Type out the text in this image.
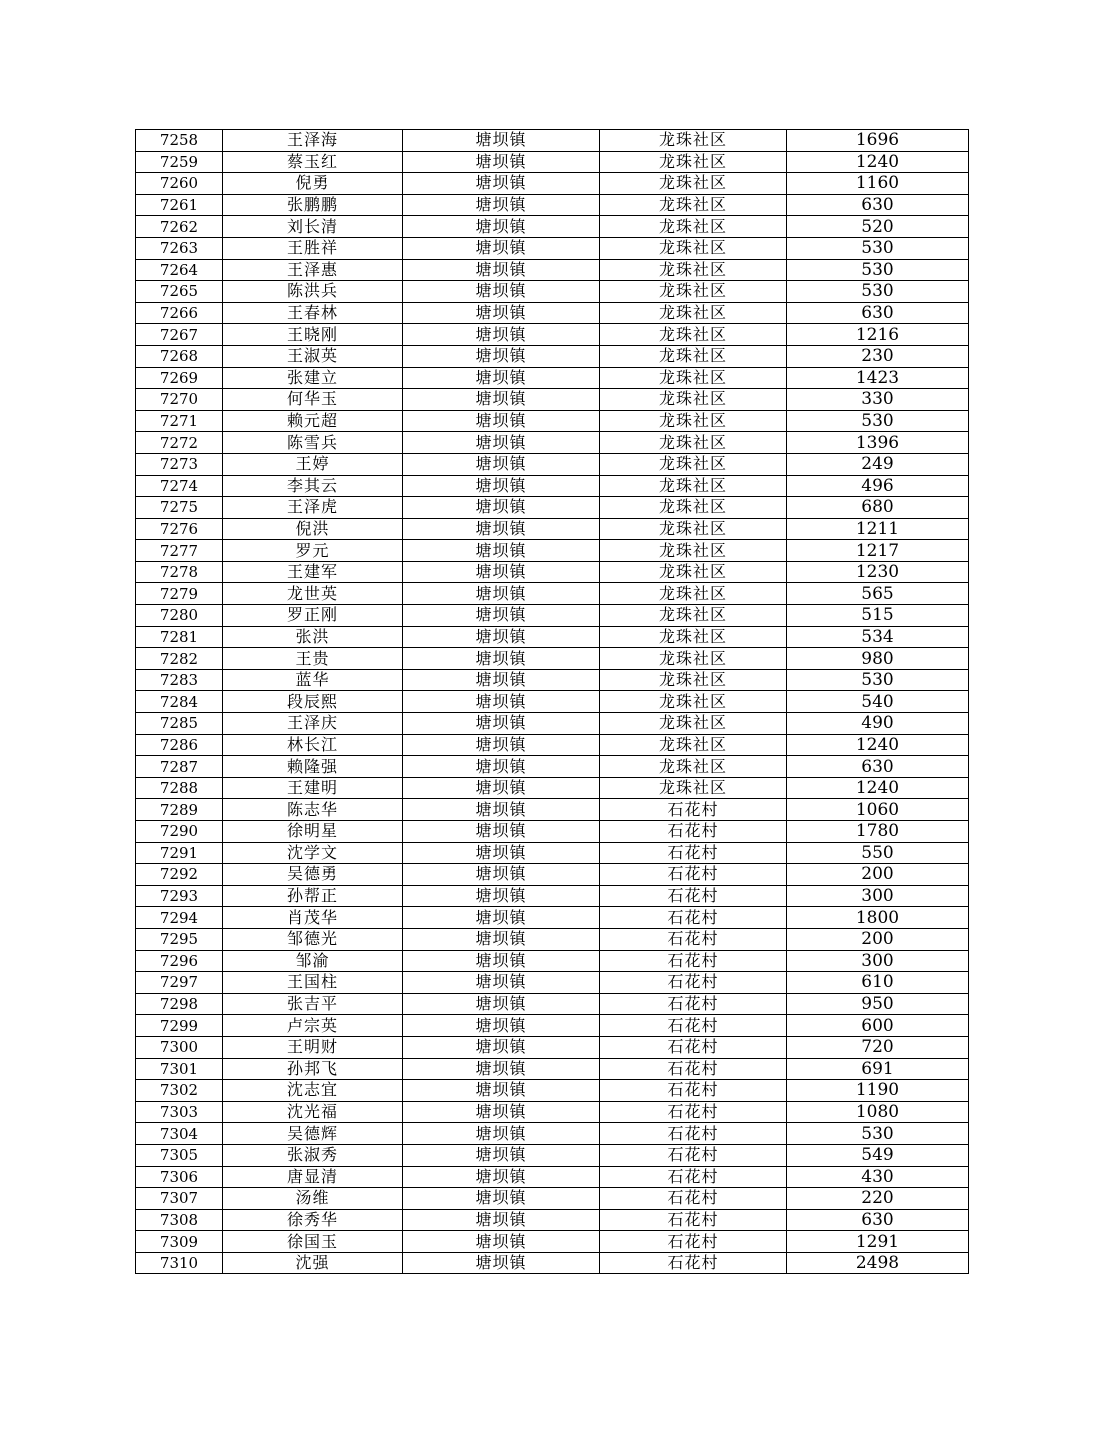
7258	王泽海	塘坝镇	龙珠社区	1696
7259	蔡玉红	塘坝镇	龙珠社区	1240
7260	倪勇	塘坝镇	龙珠社区	1160
7261	张鹏鹏	塘坝镇	龙珠社区	630
7262	刘长清	塘坝镇	龙珠社区	520
7263	王胜祥	塘坝镇	龙珠社区	530
7264	王泽惠	塘坝镇	龙珠社区	530
7265	陈洪兵	塘坝镇	龙珠社区	530
7266	王春林	塘坝镇	龙珠社区	630
7267	王晓刚	塘坝镇	龙珠社区	1216
7268	王淑英	塘坝镇	龙珠社区	230
7269	张建立	塘坝镇	龙珠社区	1423
7270	何华玉	塘坝镇	龙珠社区	330
7271	赖元超	塘坝镇	龙珠社区	530
7272	陈雪兵	塘坝镇	龙珠社区	1396
7273	王婷	塘坝镇	龙珠社区	249
7274	李其云	塘坝镇	龙珠社区	496
7275	王泽虎	塘坝镇	龙珠社区	680
7276	倪洪	塘坝镇	龙珠社区	1211
7277	罗元	塘坝镇	龙珠社区	1217
7278	王建军	塘坝镇	龙珠社区	1230
7279	龙世英	塘坝镇	龙珠社区	565
7280	罗正刚	塘坝镇	龙珠社区	515
7281	张洪	塘坝镇	龙珠社区	534
7282	王贵	塘坝镇	龙珠社区	980
7283	蓝华	塘坝镇	龙珠社区	530
7284	段辰熙	塘坝镇	龙珠社区	540
7285	王泽庆	塘坝镇	龙珠社区	490
7286	林长江	塘坝镇	龙珠社区	1240
7287	赖隆强	塘坝镇	龙珠社区	630
7288	王建明	塘坝镇	龙珠社区	1240
7289	陈志华	塘坝镇	石花村	1060
7290	徐明星	塘坝镇	石花村	1780
7291	沈学文	塘坝镇	石花村	550
7292	吴德勇	塘坝镇	石花村	200
7293	孙帮正	塘坝镇	石花村	300
7294	肖茂华	塘坝镇	石花村	1800
7295	邹德光	塘坝镇	石花村	200
7296	邹渝	塘坝镇	石花村	300
7297	王国柱	塘坝镇	石花村	610
7298	张吉平	塘坝镇	石花村	950
7299	卢宗英	塘坝镇	石花村	600
7300	王明财	塘坝镇	石花村	720
7301	孙邦飞	塘坝镇	石花村	691
7302	沈志宜	塘坝镇	石花村	1190
7303	沈光福	塘坝镇	石花村	1080
7304	吴德辉	塘坝镇	石花村	530
7305	张淑秀	塘坝镇	石花村	549
7306	唐显清	塘坝镇	石花村	430
7307	汤维	塘坝镇	石花村	220
7308	徐秀华	塘坝镇	石花村	630
7309	徐国玉	塘坝镇	石花村	1291
7310	沈强	塘坝镇	石花村	2498
